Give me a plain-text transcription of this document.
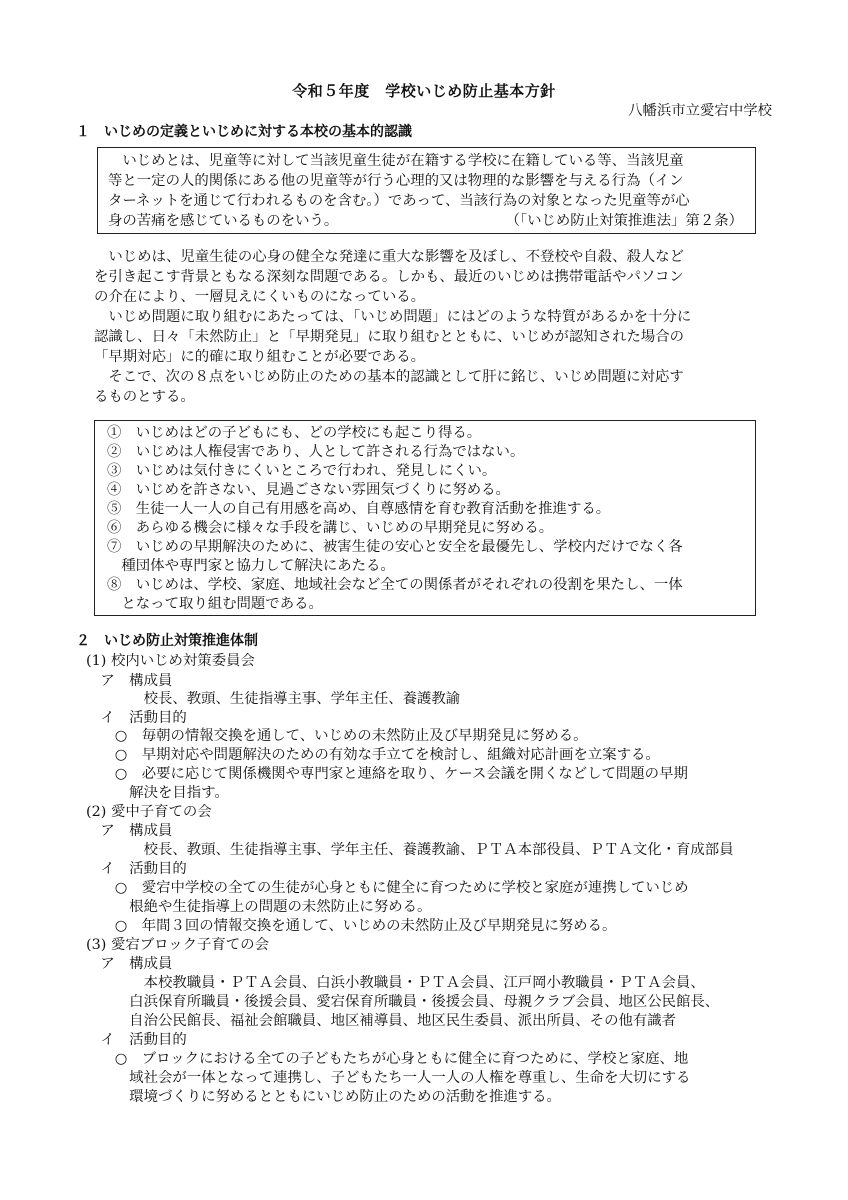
令和５年度　学校いじめ防止基本方針
八幡浜市立愛宕中学校
１　いじめの定義といじめに対する本校の基本的認識
　いじめとは、児童等に対して当該児童生徒が在籍する学校に在籍している等、当該児童
等と一定の人的関係にある他の児童等が行う心理的又は物理的な影響を与える行為（イン
ターネットを通じて行われるものを含む。）であって、当該行為の対象となった児童等が心
身の苦痛を感じているものをいう。	（「いじめ防止対策推進法」第２条）
　いじめは、児童生徒の心身の健全な発達に重大な影響を及ぼし、不登校や自殺、殺人など
を引き起こす背景ともなる深刻な問題である。しかも、最近のいじめは携帯電話やパソコン
の介在により、一層見えにくいものになっている。
　いじめ問題に取り組むにあたっては、「いじめ問題」にはどのような特質があるかを十分に
認識し、日々「未然防止」と「早期発見」に取り組むとともに、いじめが認知された場合の
「早期対応」に的確に取り組むことが必要である。
　そこで、次の８点をいじめ防止のための基本的認識として肝に銘じ、いじめ問題に対応す
るものとする。
①　いじめはどの子どもにも、どの学校にも起こり得る。
②　いじめは人権侵害であり、人として許される行為ではない。
③　いじめは気付きにくいところで行われ、発見しにくい。
④　いじめを許さない、見過ごさない雰囲気づくりに努める。
⑤　生徒一人一人の自己有用感を高め、自尊感情を育む教育活動を推進する。
⑥　あらゆる機会に様々な手段を講じ、いじめの早期発見に努める。
⑦　いじめの早期解決のために、被害生徒の安心と安全を最優先し、学校内だけでなく各
　種団体や専門家と協力して解決にあたる。
⑧　いじめは、学校、家庭、地域社会など全ての関係者がそれぞれの役割を果たし、一体
　となって取り組む問題である。
２　いじめ防止対策推進体制
(1) 校内いじめ対策委員会
　ア　構成員
　　　　校長、教頭、生徒指導主事、学年主任、養護教諭
　イ　活動目的
　　○　毎朝の情報交換を通して、いじめの未然防止及び早期発見に努める。
　　○　早期対応や問題解決のための有効な手立てを検討し、組織対応計画を立案する。
　　○　必要に応じて関係機関や専門家と連絡を取り、ケース会議を開くなどして問題の早期
　　　解決を目指す。
(2) 愛中子育ての会
　ア　構成員
　　　　校長、教頭、生徒指導主事、学年主任、養護教諭、ＰＴＡ本部役員、ＰＴＡ文化・育成部員
　イ　活動目的
　　○　愛宕中学校の全ての生徒が心身ともに健全に育つために学校と家庭が連携していじめ
　　　根絶や生徒指導上の問題の未然防止に努める。
　　○　年間３回の情報交換を通して、いじめの未然防止及び早期発見に努める。
(3) 愛宕ブロック子育ての会
　ア　構成員
　　　　本校教職員・ＰＴＡ会員、白浜小教職員・ＰＴＡ会員、江戸岡小教職員・ＰＴＡ会員、
　　　白浜保育所職員・後援会員、愛宕保育所職員・後援会員、母親クラブ会員、地区公民館長、
　　　自治公民館長、福祉会館職員、地区補導員、地区民生委員、派出所員、その他有識者
　イ　活動目的
　　○　ブロックにおける全ての子どもたちが心身ともに健全に育つために、学校と家庭、地
　　　域社会が一体となって連携し、子どもたち一人一人の人権を尊重し、生命を大切にする
　　　環境づくりに努めるとともにいじめ防止のための活動を推進する。
